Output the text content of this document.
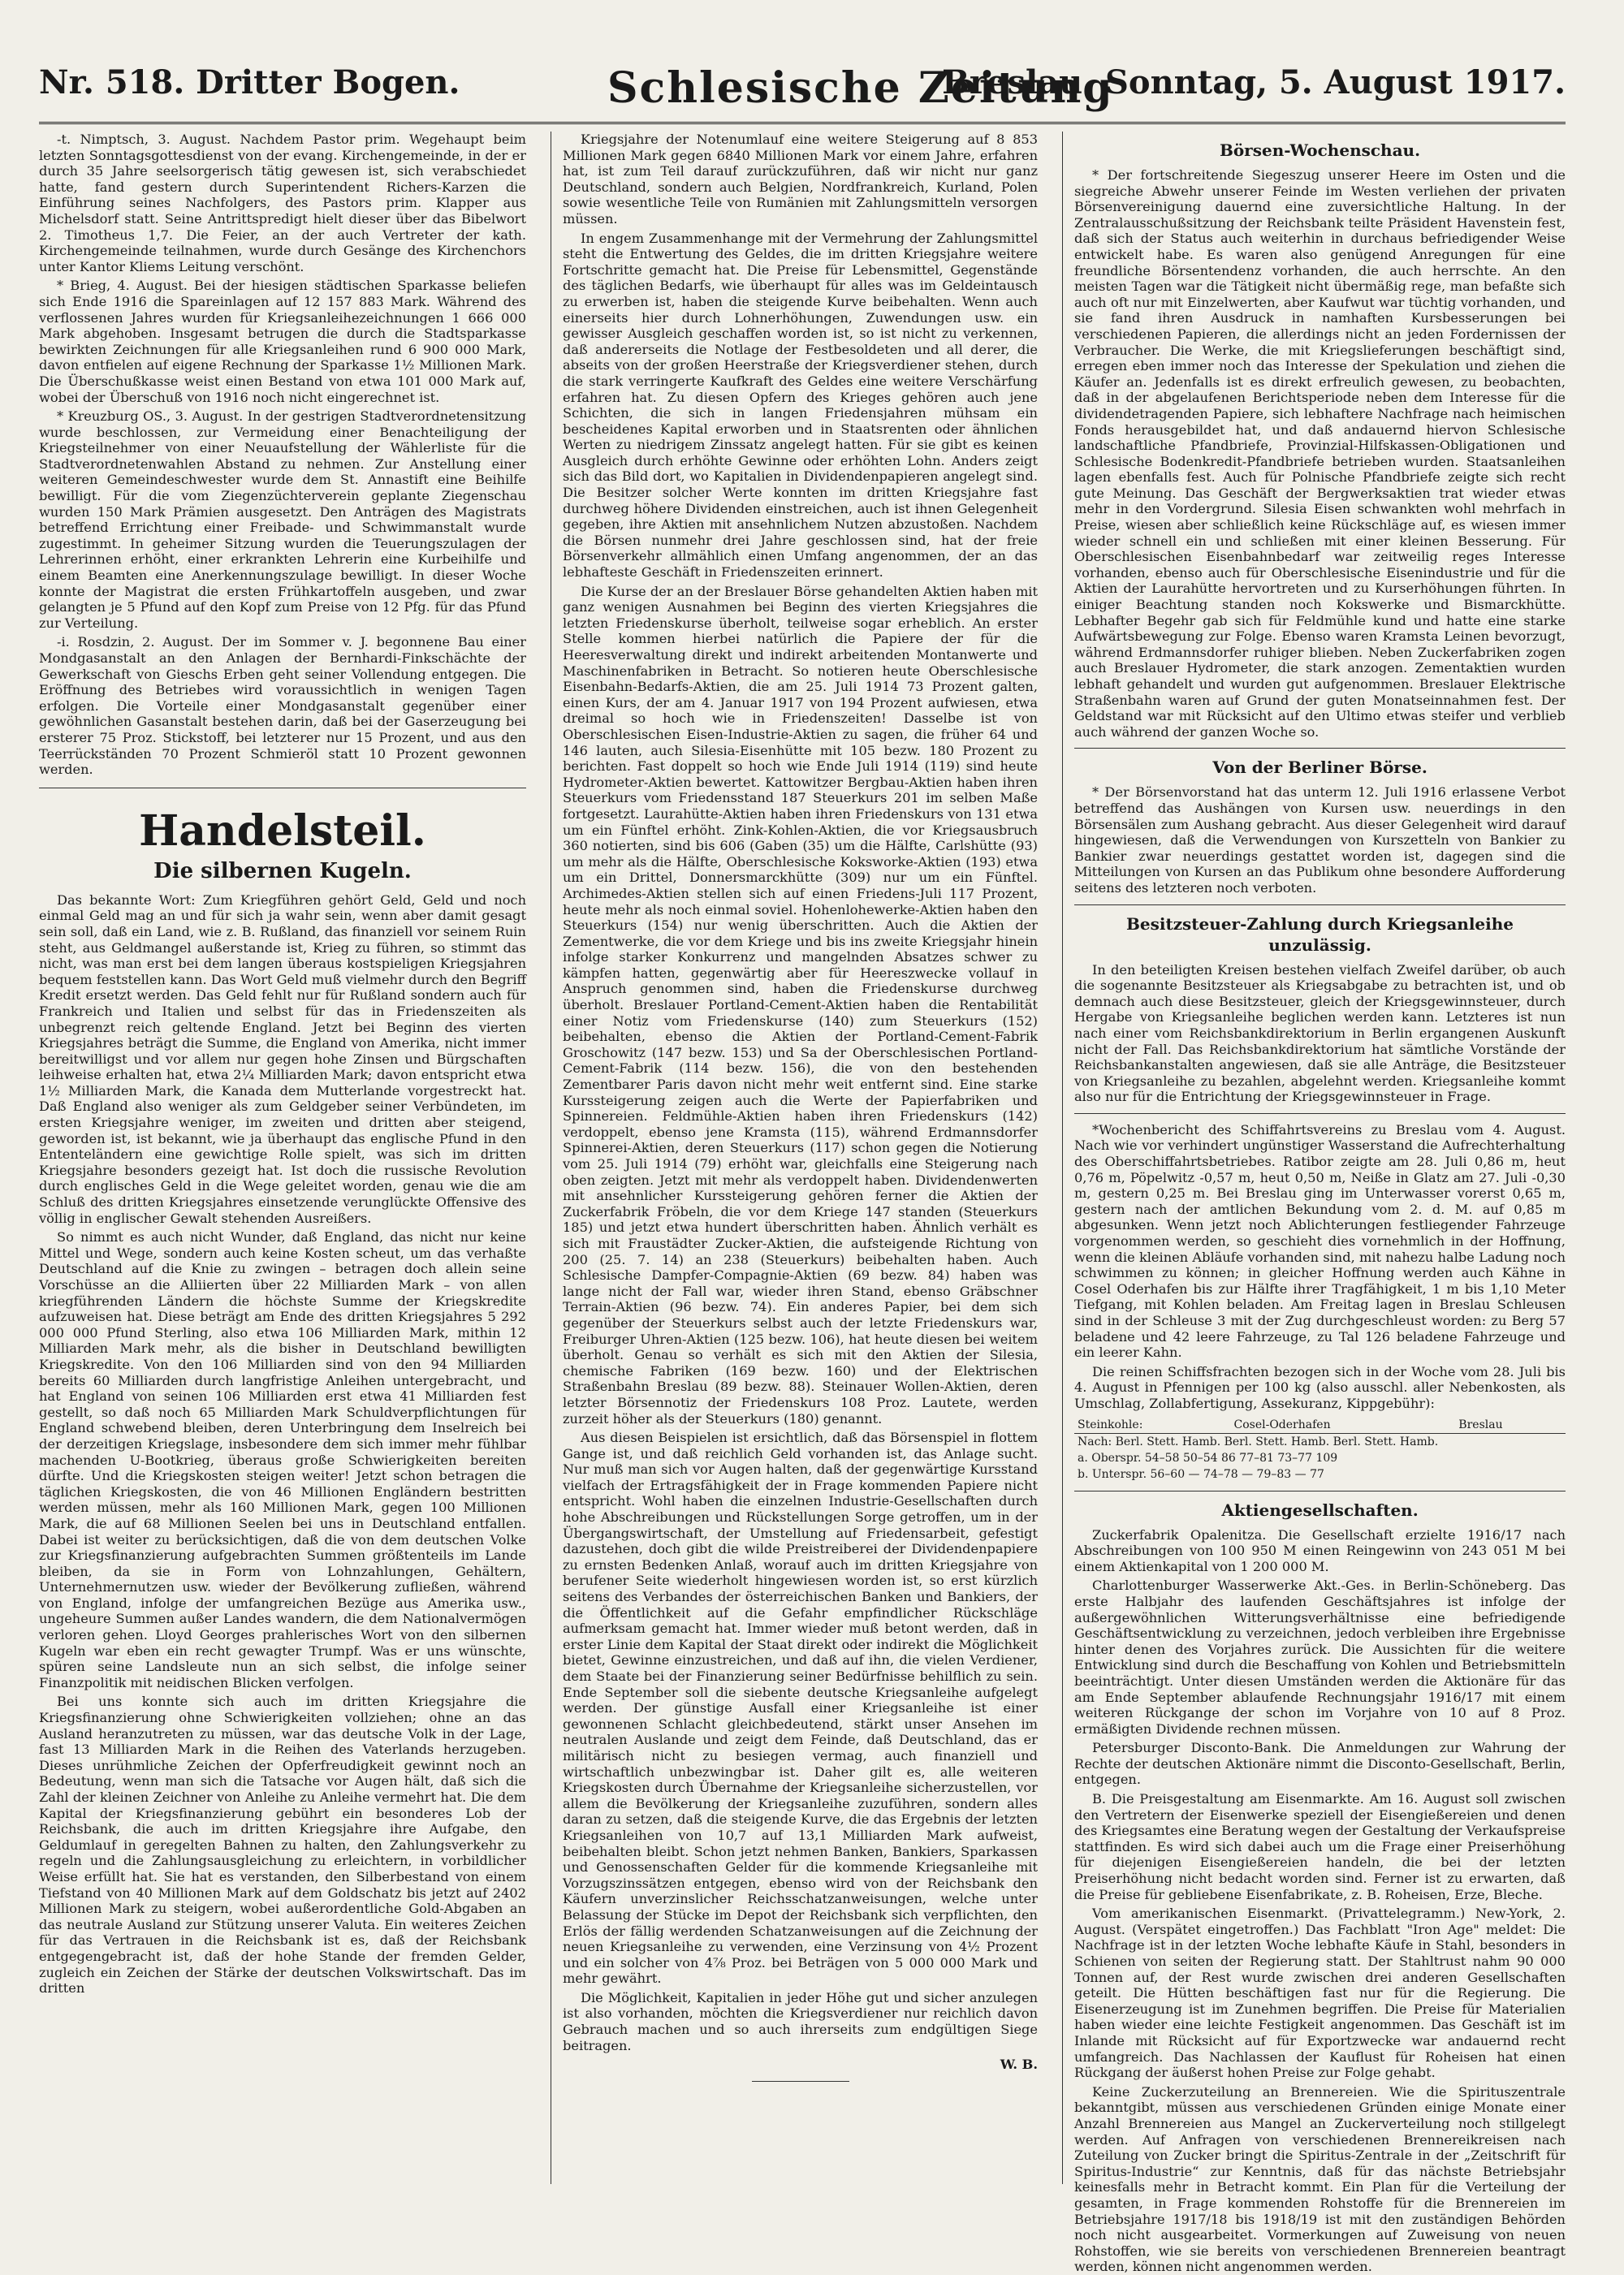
Nr. 518. Dritter Bogen.	Schlesische Zeitung
Breslau. Sonntag, 5. August 1917.

-t. Nimptsch, 3. August. Nachdem Pastor prim. Wegehaupt beim letzten Sonntagsgottesdienst von der evang. Kirchengemeinde, in der er durch 35 Jahre seelsorgerisch tätig gewesen ist, sich verabschiedet hatte, fand gestern durch Superintendent Richers-Karzen die Einführung seines Nachfolgers, des Pastors prim. Klapper aus Michelsdorf statt. Seine Antrittspredigt hielt dieser über das Bibelwort 2. Timotheus 1,7. Die Feier, an der auch Vertreter der kath. Kirchengemeinde teilnahmen, wurde durch Gesänge des Kirchenchors unter Kantor Kliems Leitung verschönt.

* Brieg, 4. August. Bei der hiesigen städtischen Sparkasse beliefen sich Ende 1916 die Spareinlagen auf 12 157 883 Mark. Während des verflossenen Jahres wurden für Kriegsanleihezeichnungen 1 666 000 Mark abgehoben. Insgesamt betrugen die durch die Stadtsparkasse bewirkten Zeichnungen für alle Kriegsanleihen rund 6 900 000 Mark, davon entfielen auf eigene Rechnung der Sparkasse 1½ Millionen Mark. Die Überschußkasse weist einen Bestand von etwa 101 000 Mark auf, wobei der Überschuß von 1916 noch nicht eingerechnet ist.

* Kreuzburg OS., 3. August. In der gestrigen Stadtverordnetensitzung wurde beschlossen, zur Vermeidung einer Benachteiligung der Kriegsteilnehmer von einer Neuaufstellung der Wählerliste für die Stadtverordnetenwahlen Abstand zu nehmen. Zur Anstellung einer weiteren Gemeindeschwester wurde dem St. Annastift eine Beihilfe bewilligt. Für die vom Ziegenzüchterverein geplante Ziegenschau wurden 150 Mark Prämien ausgesetzt. Den Anträgen des Magistrats betreffend Errichtung einer Freibade- und Schwimmanstalt wurde zugestimmt. In geheimer Sitzung wurden die Teuerungszulagen der Lehrerinnen erhöht, einer erkrankten Lehrerin eine Kurbeihilfe und einem Beamten eine Anerkennungszulage bewilligt. In dieser Woche konnte der Magistrat die ersten Frühkartoffeln ausgeben, und zwar gelangten je 5 Pfund auf den Kopf zum Preise von 12 Pfg. für das Pfund zur Verteilung.

-i. Rosdzin, 2. August. Der im Sommer v. J. begonnene Bau einer Mondgasanstalt an den Anlagen der Bernhardi-Finkschächte der Gewerkschaft von Gieschs Erben geht seiner Vollendung entgegen. Die Eröffnung des Betriebes wird voraussichtlich in wenigen Tagen erfolgen. Die Vorteile einer Mondgasanstalt gegenüber einer gewöhnlichen Gasanstalt bestehen darin, daß bei der Gaserzeugung bei ersterer 75 Proz. Stickstoff, bei letzterer nur 15 Prozent, und aus den Teerrückständen 70 Prozent Schmieröl statt 10 Prozent gewonnen werden.

Handelsteil.
Die silbernen Kugeln.

Das bekannte Wort: Zum Kriegführen gehört Geld, Geld und noch einmal Geld mag an und für sich ja wahr sein, wenn aber damit gesagt sein soll, daß ein Land, wie z. B. Rußland, das finanziell vor seinem Ruin steht, aus Geldmangel außerstande ist, Krieg zu führen, so stimmt das nicht, was man erst bei dem langen überaus kostspieligen Kriegsjahren bequem feststellen kann. Das Wort Geld muß vielmehr durch den Begriff Kredit ersetzt werden. Das Geld fehlt nur für Rußland sondern auch für Frankreich und Italien und selbst für das in Friedenszeiten als unbegrenzt reich geltende England. Jetzt bei Beginn des vierten Kriegsjahres beträgt die Summe, die England von Amerika, nicht immer bereitwilligst und vor allem nur gegen hohe Zinsen und Bürgschaften leihweise erhalten hat, etwa 2¼ Milliarden Mark; davon entspricht etwa 1½ Milliarden Mark, die Kanada dem Mutterlande vorgestreckt hat. Daß England also weniger als zum Geldgeber seiner Verbündeten, im ersten Kriegsjahre weniger, im zweiten und dritten aber steigend, geworden ist, ist bekannt, wie ja überhaupt das englische Pfund in den Ententeländern eine gewichtige Rolle spielt, was sich im dritten Kriegsjahre besonders gezeigt hat. Ist doch die russische Revolution durch englisches Geld in die Wege geleitet worden, genau wie die am Schluß des dritten Kriegsjahres einsetzende verunglückte Offensive des völlig in englischer Gewalt stehenden Ausreißers.

So nimmt es auch nicht Wunder, daß England, das nicht nur keine Mittel und Wege, sondern auch keine Kosten scheut, um das verhaßte Deutschland auf die Knie zu zwingen – betragen doch allein seine Vorschüsse an die Alliierten über 22 Milliarden Mark – von allen kriegführenden Ländern die höchste Summe der Kriegskredite aufzuweisen hat. Diese beträgt am Ende des dritten Kriegsjahres 5 292 000 000 Pfund Sterling, also etwa 106 Milliarden Mark, mithin 12 Milliarden Mark mehr, als die bisher in Deutschland bewilligten Kriegskredite. Von den 106 Milliarden sind von den 94 Milliarden bereits 60 Milliarden durch langfristige Anleihen untergebracht, und hat England von seinen 106 Milliarden erst etwa 41 Milliarden fest gestellt, so daß noch 65 Milliarden Mark Schuldverpflichtungen für England schwebend bleiben, deren Unterbringung dem Inselreich bei der derzeitigen Kriegslage, insbesondere dem sich immer mehr fühlbar machenden U-Bootkrieg, überaus große Schwierigkeiten bereiten dürfte. Und die Kriegskosten steigen weiter! Jetzt schon betragen die täglichen Kriegskosten, die von 46 Millionen Engländern bestritten werden müssen, mehr als 160 Millionen Mark, gegen 100 Millionen Mark, die auf 68 Millionen Seelen bei uns in Deutschland entfallen. Dabei ist weiter zu berücksichtigen, daß die von dem deutschen Volke zur Kriegsfinanzierung aufgebrachten Summen größtenteils im Lande bleiben, da sie in Form von Lohnzahlungen, Gehältern, Unternehmernutzen usw. wieder der Bevölkerung zufließen, während von England, infolge der umfangreichen Bezüge aus Amerika usw., ungeheure Summen außer Landes wandern, die dem Nationalvermögen verloren gehen. Lloyd Georges prahlerisches Wort von den silbernen Kugeln war eben ein recht gewagter Trumpf. Was er uns wünschte, spüren seine Landsleute nun an sich selbst, die infolge seiner Finanzpolitik mit neidischen Blicken verfolgen.

Bei uns konnte sich auch im dritten Kriegsjahre die Kriegsfinanzierung ohne Schwierigkeiten vollziehen; ohne an das Ausland heranzutreten zu müssen, war das deutsche Volk in der Lage, fast 13 Milliarden Mark in die Reihen des Vaterlands herzugeben. Dieses unrühmliche Zeichen der Opferfreudigkeit gewinnt noch an Bedeutung, wenn man sich die Tatsache vor Augen hält, daß sich die Zahl der kleinen Zeichner von Anleihe zu Anleihe vermehrt hat. Die dem Kapital der Kriegsfinanzierung gebührt ein besonderes Lob der Reichsbank, die auch im dritten Kriegsjahre ihre Aufgabe, den Geldumlauf in geregelten Bahnen zu halten, den Zahlungsverkehr zu regeln und die Zahlungsausgleichung zu erleichtern, in vorbildlicher Weise erfüllt hat. Sie hat es verstanden, den Silberbestand von einem Tiefstand von 40 Millionen Mark auf dem Goldschatz bis jetzt auf 2402 Millionen Mark zu steigern, wobei außerordentliche Gold-Abgaben an das neutrale Ausland zur Stützung unserer Valuta. Ein weiteres Zeichen für das Vertrauen in die Reichsbank ist es, daß der Reichsbank entgegengebracht ist, daß der hohe Stande der fremden Gelder, zugleich ein Zeichen der Stärke der deutschen Volkswirtschaft. Das im dritten

Kriegsjahre der Notenumlauf eine weitere Steigerung auf 8 853 Millionen Mark gegen 6840 Millionen Mark vor einem Jahre, erfahren hat, ist zum Teil darauf zurückzuführen, daß wir nicht nur ganz Deutschland, sondern auch Belgien, Nordfrankreich, Kurland, Polen sowie wesentliche Teile von Rumänien mit Zahlungsmitteln versorgen müssen.

In engem Zusammenhange mit der Vermehrung der Zahlungsmittel steht die Entwertung des Geldes, die im dritten Kriegsjahre weitere Fortschritte gemacht hat. Die Preise für Lebensmittel, Gegenstände des täglichen Bedarfs, wie überhaupt für alles was im Geldeintausch zu erwerben ist, haben die steigende Kurve beibehalten. Wenn auch einerseits hier durch Lohnerhöhungen, Zuwendungen usw. ein gewisser Ausgleich geschaffen worden ist, so ist nicht zu verkennen, daß andererseits die Notlage der Festbesoldeten und all derer, die abseits von der großen Heerstraße der Kriegsverdiener stehen, durch die stark verringerte Kaufkraft des Geldes eine weitere Verschärfung erfahren hat. Zu diesen Opfern des Krieges gehören auch jene Schichten, die sich in langen Friedensjahren mühsam ein bescheidenes Kapital erworben und in Staatsrenten oder ähnlichen Werten zu niedrigem Zinssatz angelegt hatten. Für sie gibt es keinen Ausgleich durch erhöhte Gewinne oder erhöhten Lohn. Anders zeigt sich das Bild dort, wo Kapitalien in Dividendenpapieren angelegt sind. Die Besitzer solcher Werte konnten im dritten Kriegsjahre fast durchweg höhere Dividenden einstreichen, auch ist ihnen Gelegenheit gegeben, ihre Aktien mit ansehnlichem Nutzen abzustoßen. Nachdem die Börsen nunmehr drei Jahre geschlossen sind, hat der freie Börsenverkehr allmählich einen Umfang angenommen, der an das lebhafteste Geschäft in Friedenszeiten erinnert.

Die Kurse der an der Breslauer Börse gehandelten Aktien haben mit ganz wenigen Ausnahmen bei Beginn des vierten Kriegsjahres die letzten Friedenskurse überholt, teilweise sogar erheblich. An erster Stelle kommen hierbei natürlich die Papiere der für die Heeresverwaltung direkt und indirekt arbeitenden Montanwerte und Maschinenfabriken in Betracht. So notieren heute Oberschlesische Eisenbahn-Bedarfs-Aktien, die am 25. Juli 1914 73 Prozent galten, einen Kurs, der am 4. Januar 1917 von 194 Prozent aufwiesen, etwa dreimal so hoch wie in Friedenszeiten! Dasselbe ist von Oberschlesischen Eisen-Industrie-Aktien zu sagen, die früher 64 und 146 lauten, auch Silesia-Eisenhütte mit 105 bezw. 180 Prozent zu berichten. Fast doppelt so hoch wie Ende Juli 1914 (119) sind heute Hydrometer-Aktien bewertet. Kattowitzer Bergbau-Aktien haben ihren Steuerkurs vom Friedensstand 187 Steuerkurs 201 im selben Maße fortgesetzt. Laurahütte-Aktien haben ihren Friedenskurs von 131 etwa um ein Fünftel erhöht. Zink-Kohlen-Aktien, die vor Kriegsausbruch 360 notierten, sind bis 606 (Gaben (35) um die Hälfte, Carlshütte (93) um mehr als die Hälfte, Oberschlesische Koksworke-Aktien (193) etwa um ein Drittel, Donnersmarckhütte (309) nur um ein Fünftel. Archimedes-Aktien stellen sich auf einen Friedens-Juli 117 Prozent, heute mehr als noch einmal soviel. Hohenlohewerke-Aktien haben den Steuerkurs (154) nur wenig überschritten. Auch die Aktien der Zementwerke, die vor dem Kriege und bis ins zweite Kriegsjahr hinein infolge starker Konkurrenz und mangelnden Absatzes schwer zu kämpfen hatten, gegenwärtig aber für Heereszwecke vollauf in Anspruch genommen sind, haben die Friedenskurse durchweg überholt. Breslauer Portland-Cement-Aktien haben die Rentabilität einer Notiz vom Friedenskurse (140) zum Steuerkurs (152) beibehalten, ebenso die Aktien der Portland-Cement-Fabrik Groschowitz (147 bezw. 153) und Sa der Oberschlesischen Portland-Cement-Fabrik (114 bezw. 156), die von den bestehenden Zementbarer Paris davon nicht mehr weit entfernt sind. Eine starke Kurssteigerung zeigen auch die Werte der Papierfabriken und Spinnereien. Feldmühle-Aktien haben ihren Friedenskurs (142) verdoppelt, ebenso jene Kramsta (115), während Erdmannsdorfer Spinnerei-Aktien, deren Steuerkurs (117) schon gegen die Notierung vom 25. Juli 1914 (79) erhöht war, gleichfalls eine Steigerung nach oben zeigten. Jetzt mit mehr als verdoppelt haben. Dividendenwerten mit ansehnlicher Kurssteigerung gehören ferner die Aktien der Zuckerfabrik Fröbeln, die vor dem Kriege 147 standen (Steuerkurs 185) und jetzt etwa hundert überschritten haben. Ähnlich verhält es sich mit Fraustädter Zucker-Aktien, die aufsteigende Richtung von 200 (25. 7. 14) an 238 (Steuerkurs) beibehalten haben. Auch Schlesische Dampfer-Compagnie-Aktien (69 bezw. 84) haben was lange nicht der Fall war, wieder ihren Stand, ebenso Gräbschner Terrain-Aktien (96 bezw. 74). Ein anderes Papier, bei dem sich gegenüber der Steuerkurs selbst auch der letzte Friedenskurs war, Freiburger Uhren-Aktien (125 bezw. 106), hat heute diesen bei weitem überholt. Genau so verhält es sich mit den Aktien der Silesia, chemische Fabriken (169 bezw. 160) und der Elektrischen Straßenbahn Breslau (89 bezw. 88). Steinauer Wollen-Aktien, deren letzter Börsennotiz der Friedenskurs 108 Proz. Lautete, werden zurzeit höher als der Steuerkurs (180) genannt.

Aus diesen Beispielen ist ersichtlich, daß das Börsenspiel in flottem Gange ist, und daß reichlich Geld vorhanden ist, das Anlage sucht. Nur muß man sich vor Augen halten, daß der gegenwärtige Kursstand vielfach der Ertragsfähigkeit der in Frage kommenden Papiere nicht entspricht. Wohl haben die einzelnen Industrie-Gesellschaften durch hohe Abschreibungen und Rückstellungen Sorge getroffen, um in der Übergangswirtschaft, der Umstellung auf Friedensarbeit, gefestigt dazustehen, doch gibt die wilde Preistreiberei der Dividendenpapiere zu ernsten Bedenken Anlaß, worauf auch im dritten Kriegsjahre von berufener Seite wiederholt hingewiesen worden ist, so erst kürzlich seitens des Verbandes der österreichischen Banken und Bankiers, der die Öffentlichkeit auf die Gefahr empfindlicher Rückschläge aufmerksam gemacht hat. Immer wieder muß betont werden, daß in erster Linie dem Kapital der Staat direkt oder indirekt die Möglichkeit bietet, Gewinne einzustreichen, und daß auf ihn, die vielen Verdiener, dem Staate bei der Finanzierung seiner Bedürfnisse behilflich zu sein. Ende September soll die siebente deutsche Kriegsanleihe aufgelegt werden. Der günstige Ausfall einer Kriegsanleihe ist einer gewonnenen Schlacht gleichbedeutend, stärkt unser Ansehen im neutralen Auslande und zeigt dem Feinde, daß Deutschland, das er militärisch nicht zu besiegen vermag, auch finanziell und wirtschaftlich unbezwingbar ist. Daher gilt es, alle weiteren Kriegskosten durch Übernahme der Kriegsanleihe sicherzustellen, vor allem die Bevölkerung der Kriegsanleihe zuzuführen, sondern alles daran zu setzen, daß die steigende Kurve, die das Ergebnis der letzten Kriegsanleihen von 10,7 auf 13,1 Milliarden Mark aufweist, beibehalten bleibt. Schon jetzt nehmen Banken, Bankiers, Sparkassen und Genossenschaften Gelder für die kommende Kriegsanleihe mit Vorzugszinssätzen entgegen, ebenso wird von der Reichsbank den Käufern unverzinslicher Reichsschatzanweisungen, welche unter Belassung der Stücke im Depot der Reichsbank sich verpflichten, den Erlös der fällig werdenden Schatzanweisungen auf die Zeichnung der neuen Kriegsanleihe zu verwenden, eine Verzinsung von 4½ Prozent und ein solcher von 4⅞ Proz. bei Beträgen von 5 000 000 Mark und mehr gewährt.

Die Möglichkeit, Kapitalien in jeder Höhe gut und sicher anzulegen ist also vorhanden, möchten die Kriegsverdiener nur reichlich davon Gebrauch machen und so auch ihrerseits zum endgültigen Siege beitragen.

W. B.
Börsen-Wochenschau.

* Der fortschreitende Siegeszug unserer Heere im Osten und die siegreiche Abwehr unserer Feinde im Westen verliehen der privaten Börsenvereinigung dauernd eine zuversichtliche Haltung. In der Zentralausschußsitzung der Reichsbank teilte Präsident Havenstein fest, daß sich der Status auch weiterhin in durchaus befriedigender Weise entwickelt habe. Es waren also genügend Anregungen für eine freundliche Börsentendenz vorhanden, die auch herrschte. An den meisten Tagen war die Tätigkeit nicht übermäßig rege, man befaßte sich auch oft nur mit Einzelwerten, aber Kaufwut war tüchtig vorhanden, und sie fand ihren Ausdruck in namhaften Kursbesserungen bei verschiedenen Papieren, die allerdings nicht an jeden Fordernissen der Verbraucher. Die Werke, die mit Kriegslieferungen beschäftigt sind, erregen eben immer noch das Interesse der Spekulation und ziehen die Käufer an. Jedenfalls ist es direkt erfreulich gewesen, zu beobachten, daß in der abgelaufenen Berichtsperiode neben dem Interesse für die dividendetragenden Papiere, sich lebhaftere Nachfrage nach heimischen Fonds herausgebildet hat, und daß andauernd hiervon Schlesische landschaftliche Pfandbriefe, Provinzial-Hilfskassen-Obligationen und Schlesische Bodenkredit-Pfandbriefe betrieben wurden. Staatsanleihen lagen ebenfalls fest. Auch für Polnische Pfandbriefe zeigte sich recht gute Meinung. Das Geschäft der Bergwerksaktien trat wieder etwas mehr in den Vordergrund. Silesia Eisen schwankten wohl mehrfach in Preise, wiesen aber schließlich keine Rückschläge auf, es wiesen immer wieder schnell ein und schließen mit einer kleinen Besserung. Für Oberschlesischen Eisenbahnbedarf war zeitweilig reges Interesse vorhanden, ebenso auch für Oberschlesische Eisenindustrie und für die Aktien der Laurahütte hervortreten und zu Kurserhöhungen führten. In einiger Beachtung standen noch Kokswerke und Bismarckhütte. Lebhafter Begehr gab sich für Feldmühle kund und hatte eine starke Aufwärtsbewegung zur Folge. Ebenso waren Kramsta Leinen bevorzugt, während Erdmannsdorfer ruhiger blieben. Neben Zuckerfabriken zogen auch Breslauer Hydrometer, die stark anzogen. Zementaktien wurden lebhaft gehandelt und wurden gut aufgenommen. Breslauer Elektrische Straßenbahn waren auf Grund der guten Monatseinnahmen fest. Der Geldstand war mit Rücksicht auf den Ultimo etwas steifer und verblieb auch während der ganzen Woche so.

Von der Berliner Börse.

* Der Börsenvorstand hat das unterm 12. Juli 1916 erlassene Verbot betreffend das Aushängen von Kursen usw. neuerdings in den Börsensälen zum Aushang gebracht. Aus dieser Gelegenheit wird darauf hingewiesen, daß die Verwendungen von Kurszetteln von Bankier zu Bankier zwar neuerdings gestattet worden ist, dagegen sind die Mitteilungen von Kursen an das Publikum ohne besondere Aufforderung seitens des letzteren noch verboten.

Besitzsteuer-Zahlung durch Kriegsanleihe unzulässig.

In den beteiligten Kreisen bestehen vielfach Zweifel darüber, ob auch die sogenannte Besitzsteuer als Kriegsabgabe zu betrachten ist, und ob demnach auch diese Besitzsteuer, gleich der Kriegsgewinnsteuer, durch Hergabe von Kriegsanleihe beglichen werden kann. Letzteres ist nun nach einer vom Reichsbankdirektorium in Berlin ergangenen Auskunft nicht der Fall. Das Reichsbankdirektorium hat sämtliche Vorstände der Reichsbankanstalten angewiesen, daß sie alle Anträge, die Besitzsteuer von Kriegsanleihe zu bezahlen, abgelehnt werden. Kriegsanleihe kommt also nur für die Entrichtung der Kriegsgewinnsteuer in Frage.

*Wochenbericht des Schiffahrtsvereins zu Breslau vom 4. August. Nach wie vor verhindert ungünstiger Wasserstand die Aufrechterhaltung des Oberschiffahrtsbetriebes. Ratibor zeigte am 28. Juli 0,86 m, heut 0,76 m, Pöpelwitz -0,57 m, heut 0,50 m, Neiße in Glatz am 27. Juli -0,30 m, gestern 0,25 m. Bei Breslau ging im Unterwasser vorerst 0,65 m, gestern nach der amtlichen Bekundung vom 2. d. M. auf 0,85 m abgesunken. Wenn jetzt noch Ablichterungen festliegender Fahrzeuge vorgenommen werden, so geschieht dies vornehmlich in der Hoffnung, wenn die kleinen Abläufe vorhanden sind, mit nahezu halbe Ladung noch schwimmen zu können; in gleicher Hoffnung werden auch Kähne in Cosel Oderhafen bis zur Hälfte ihrer Tragfähigkeit, 1 m bis 1,10 Meter Tiefgang, mit Kohlen beladen. Am Freitag lagen in Breslau Schleusen sind in der Schleuse 3 mit der Zug durchgeschleust worden: zu Berg 57 beladene und 42 leere Fahrzeuge, zu Tal 126 beladene Fahrzeuge und ein leerer Kahn.

Die reinen Schiffsfrachten bezogen sich in der Woche vom 28. Juli bis 4. August in Pfennigen per 100 kg (also ausschl. aller Nebenkosten, als Umschlag, Zollabfertigung, Assekuranz, Kippgebühr):

Steinkohle:	Cosel-Oderhafen	Breslau
Nach: Berl. Stett. Hamb. Berl. Stett. Hamb. Berl. Stett. Hamb.
a. Oberspr. 54–58 50–54 86 77–81 73–77 109
b. Unterspr. 56–60 — 74–78 — 79–83 — 77
Aktiengesellschaften.

Zuckerfabrik Opalenitza. Die Gesellschaft erzielte 1916/17 nach Abschreibungen von 100 950 M einen Reingewinn von 243 051 M bei einem Aktienkapital von 1 200 000 M.

Charlottenburger Wasserwerke Akt.-Ges. in Berlin-Schöneberg. Das erste Halbjahr des laufenden Geschäftsjahres ist infolge der außergewöhnlichen Witterungsverhältnisse eine befriedigende Geschäftsentwicklung zu verzeichnen, jedoch verbleiben ihre Ergebnisse hinter denen des Vorjahres zurück. Die Aussichten für die weitere Entwicklung sind durch die Beschaffung von Kohlen und Betriebsmitteln beeinträchtigt. Unter diesen Umständen werden die Aktionäre für das am Ende September ablaufende Rechnungsjahr 1916/17 mit einem weiteren Rückgange der schon im Vorjahre von 10 auf 8 Proz. ermäßigten Dividende rechnen müssen.

Petersburger Disconto-Bank. Die Anmeldungen zur Wahrung der Rechte der deutschen Aktionäre nimmt die Disconto-Gesellschaft, Berlin, entgegen.

B. Die Preisgestaltung am Eisenmarkte. Am 16. August soll zwischen den Vertretern der Eisenwerke speziell der Eisengießereien und denen des Kriegsamtes eine Beratung wegen der Gestaltung der Verkaufspreise stattfinden. Es wird sich dabei auch um die Frage einer Preiserhöhung für diejenigen Eisengießereien handeln, die bei der letzten Preiserhöhung nicht bedacht worden sind. Ferner ist zu erwarten, daß die Preise für gebliebene Eisenfabrikate, z. B. Roheisen, Erze, Bleche.

Vom amerikanischen Eisenmarkt. (Privattelegramm.) New-York, 2. August. (Verspätet eingetroffen.) Das Fachblatt "Iron Age" meldet: Die Nachfrage ist in der letzten Woche lebhafte Käufe in Stahl, besonders in Schienen von seiten der Regierung statt. Der Stahltrust nahm 90 000 Tonnen auf, der Rest wurde zwischen drei anderen Gesellschaften geteilt. Die Hütten beschäftigen fast nur für die Regierung. Die Eisenerzeugung ist im Zunehmen begriffen. Die Preise für Materialien haben wieder eine leichte Festigkeit angenommen. Das Geschäft ist im Inlande mit Rücksicht auf für Exportzwecke war andauernd recht umfangreich. Das Nachlassen der Kauflust für Roheisen hat einen Rückgang der äußerst hohen Preise zur Folge gehabt.

Keine Zuckerzuteilung an Brennereien. Wie die Spirituszentrale bekanntgibt, müssen aus verschiedenen Gründen einige Monate einer Anzahl Brennereien aus Mangel an Zuckerverteilung noch stillgelegt werden. Auf Anfragen von verschiedenen Brennereikreisen nach Zuteilung von Zucker bringt die Spiritus-Zentrale in der „Zeitschrift für Spiritus-Industrie“ zur Kenntnis, daß für das nächste Betriebsjahr keinesfalls mehr in Betracht kommt. Ein Plan für die Verteilung der gesamten, in Frage kommenden Rohstoffe für die Brennereien im Betriebsjahre 1917/18 bis 1918/19 ist mit den zuständigen Behörden noch nicht ausgearbeitet. Vormerkungen auf Zuweisung von neuen Rohstoffen, wie sie bereits von verschiedenen Brennereien beantragt werden, können nicht angenommen werden.
